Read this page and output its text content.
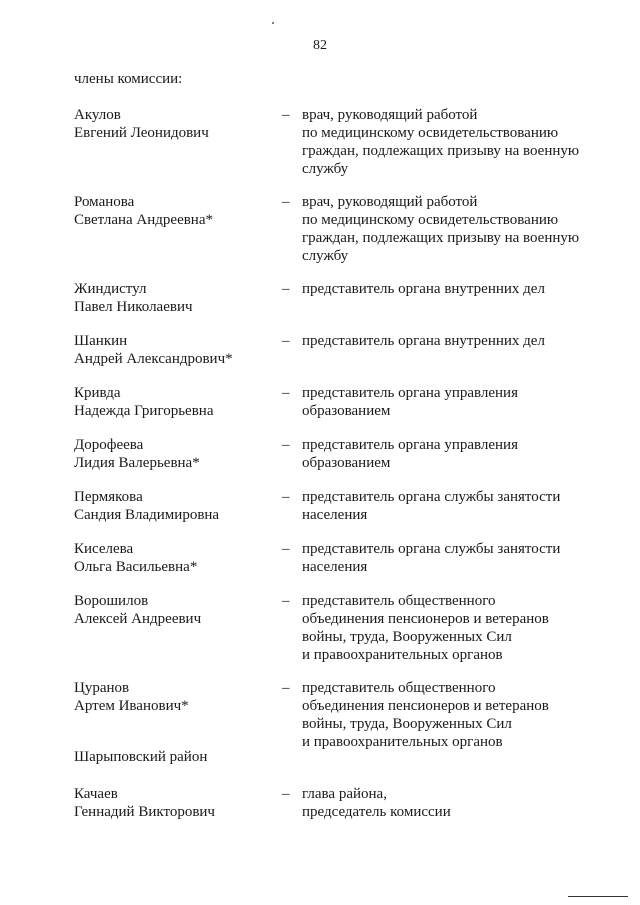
82
члены комиссии:
Акулов
Евгений Леонидович
– врач, руководящий работой
по медицинскому освидетельствованию
граждан, подлежащих призыву на военную
службу
Романова
Светлана Андреевна*
– врач, руководящий работой
по медицинскому освидетельствованию
граждан, подлежащих призыву на военную
службу
Жиндистул
Павел Николаевич
– представитель органа внутренних дел
Шанкин
Андрей Александрович*
– представитель органа внутренних дел
Кривда
Надежда Григорьевна
– представитель органа управления
образованием
Дорофеева
Лидия Валерьевна*
– представитель органа управления
образованием
Пермякова
Сандия Владимировна
– представитель органа службы занятости
населения
Киселева
Ольга Васильевна*
– представитель органа службы занятости
населения
Ворошилов
Алексей Андреевич
– представитель общественного
объединения пенсионеров и ветеранов
войны, труда, Вооруженных Сил
и правоохранительных органов
Цуранов
Артем Иванович*
– представитель общественного
объединения пенсионеров и ветеранов
войны, труда, Вооруженных Сил
и правоохранительных органов
Шарыповский район
Качаев
Геннадий Викторович
– глава района,
председатель комиссии
